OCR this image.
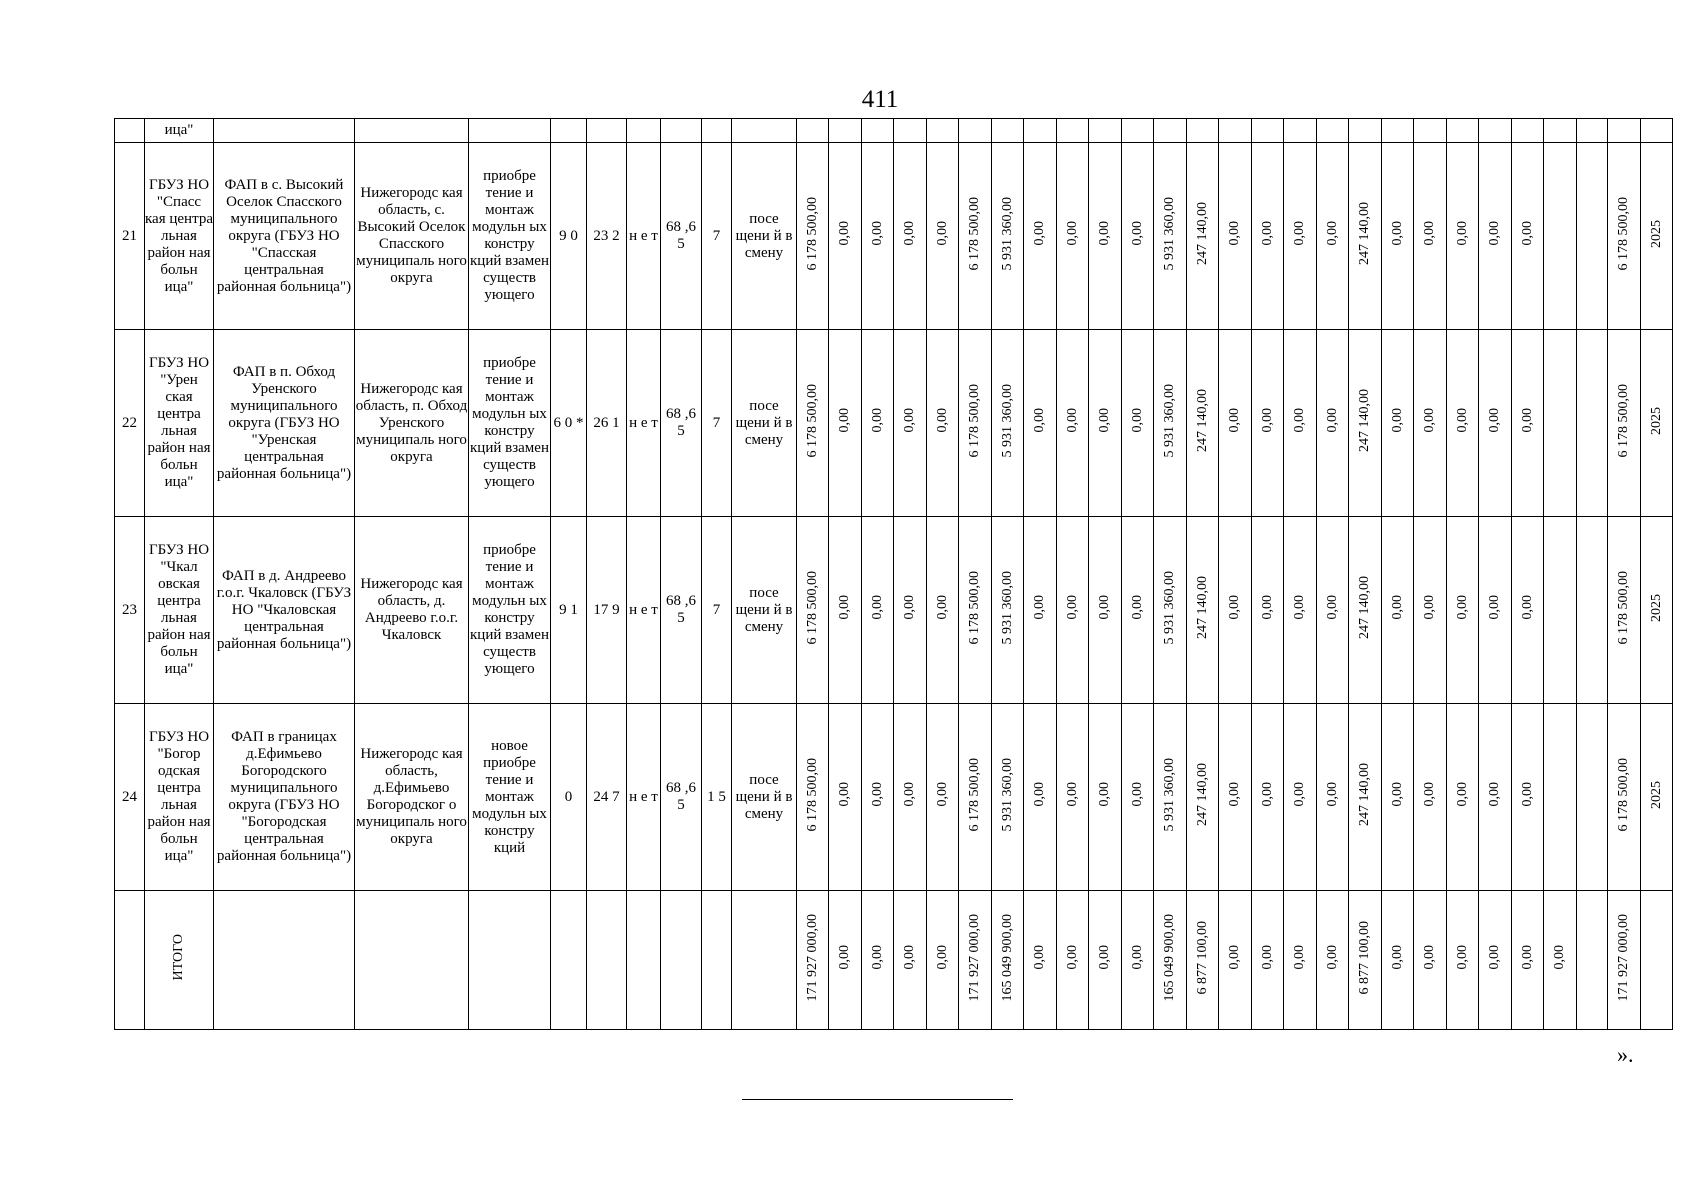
411
	ица"																																				
21	ГБУЗ НО "Спасс кая центра льная район ная больн ица"	ФАП в с. Высокий Оселок Спасского муниципального округа (ГБУЗ НО "Спасская центральная районная больница")	Нижегородс кая область, с. Высокий Оселок Спасского муниципаль ного округа	приобре тение и монтаж модульн ых констру кций взамен существ ующего	9 0	23 2	н е т	68 ,6 5	7	посе щени й в смену	6 178 500,00	0,00	0,00	0,00	0,00	6 178 500,00	5 931 360,00	0,00	0,00	0,00	0,00	5 931 360,00	247 140,00	0,00	0,00	0,00	0,00	247 140,00	0,00	0,00	0,00	0,00	0,00			6 178 500,00	2025
22	ГБУЗ НО "Урен ская центра льная район ная больн ица"	ФАП в п. Обход Уренского муниципального округа (ГБУЗ НО "Уренская центральная районная больница")	Нижегородс кая область, п. Обход Уренского муниципаль ного округа	приобре тение и монтаж модульн ых констру кций взамен существ ующего	6 0 *	26 1	н е т	68 ,6 5	7	посе щени й в смену	6 178 500,00	0,00	0,00	0,00	0,00	6 178 500,00	5 931 360,00	0,00	0,00	0,00	0,00	5 931 360,00	247 140,00	0,00	0,00	0,00	0,00	247 140,00	0,00	0,00	0,00	0,00	0,00			6 178 500,00	2025
23	ГБУЗ НО "Чкал овская центра льная район ная больн ица"	ФАП в д. Андреево г.о.г. Чкаловск (ГБУЗ НО "Чкаловская центральная районная больница")	Нижегородс кая область, д. Андреево г.о.г. Чкаловск	приобре тение и монтаж модульн ых констру кций взамен существ ующего	9 1	17 9	н е т	68 ,6 5	7	посе щени й в смену	6 178 500,00	0,00	0,00	0,00	0,00	6 178 500,00	5 931 360,00	0,00	0,00	0,00	0,00	5 931 360,00	247 140,00	0,00	0,00	0,00	0,00	247 140,00	0,00	0,00	0,00	0,00	0,00			6 178 500,00	2025
24	ГБУЗ НО "Богор одская центра льная район ная больн ица"	ФАП в границах д.Ефимьево Богородского муниципального округа (ГБУЗ НО "Богородская центральная районная больница")	Нижегородс кая область, д.Ефимьево Богородског о муниципаль ного округа	новое приобре тение и монтаж модульн ых констру кций	0	24 7	н е т	68 ,6 5	1 5	посе щени й в смену	6 178 500,00	0,00	0,00	0,00	0,00	6 178 500,00	5 931 360,00	0,00	0,00	0,00	0,00	5 931 360,00	247 140,00	0,00	0,00	0,00	0,00	247 140,00	0,00	0,00	0,00	0,00	0,00			6 178 500,00	2025
	ИТОГО										171 927 000,00	0,00	0,00	0,00	0,00	171 927 000,00	165 049 900,00	0,00	0,00	0,00	0,00	165 049 900,00	6 877 100,00	0,00	0,00	0,00	0,00	6 877 100,00	0,00	0,00	0,00	0,00	0,00	0,00		171 927 000,00	
».
